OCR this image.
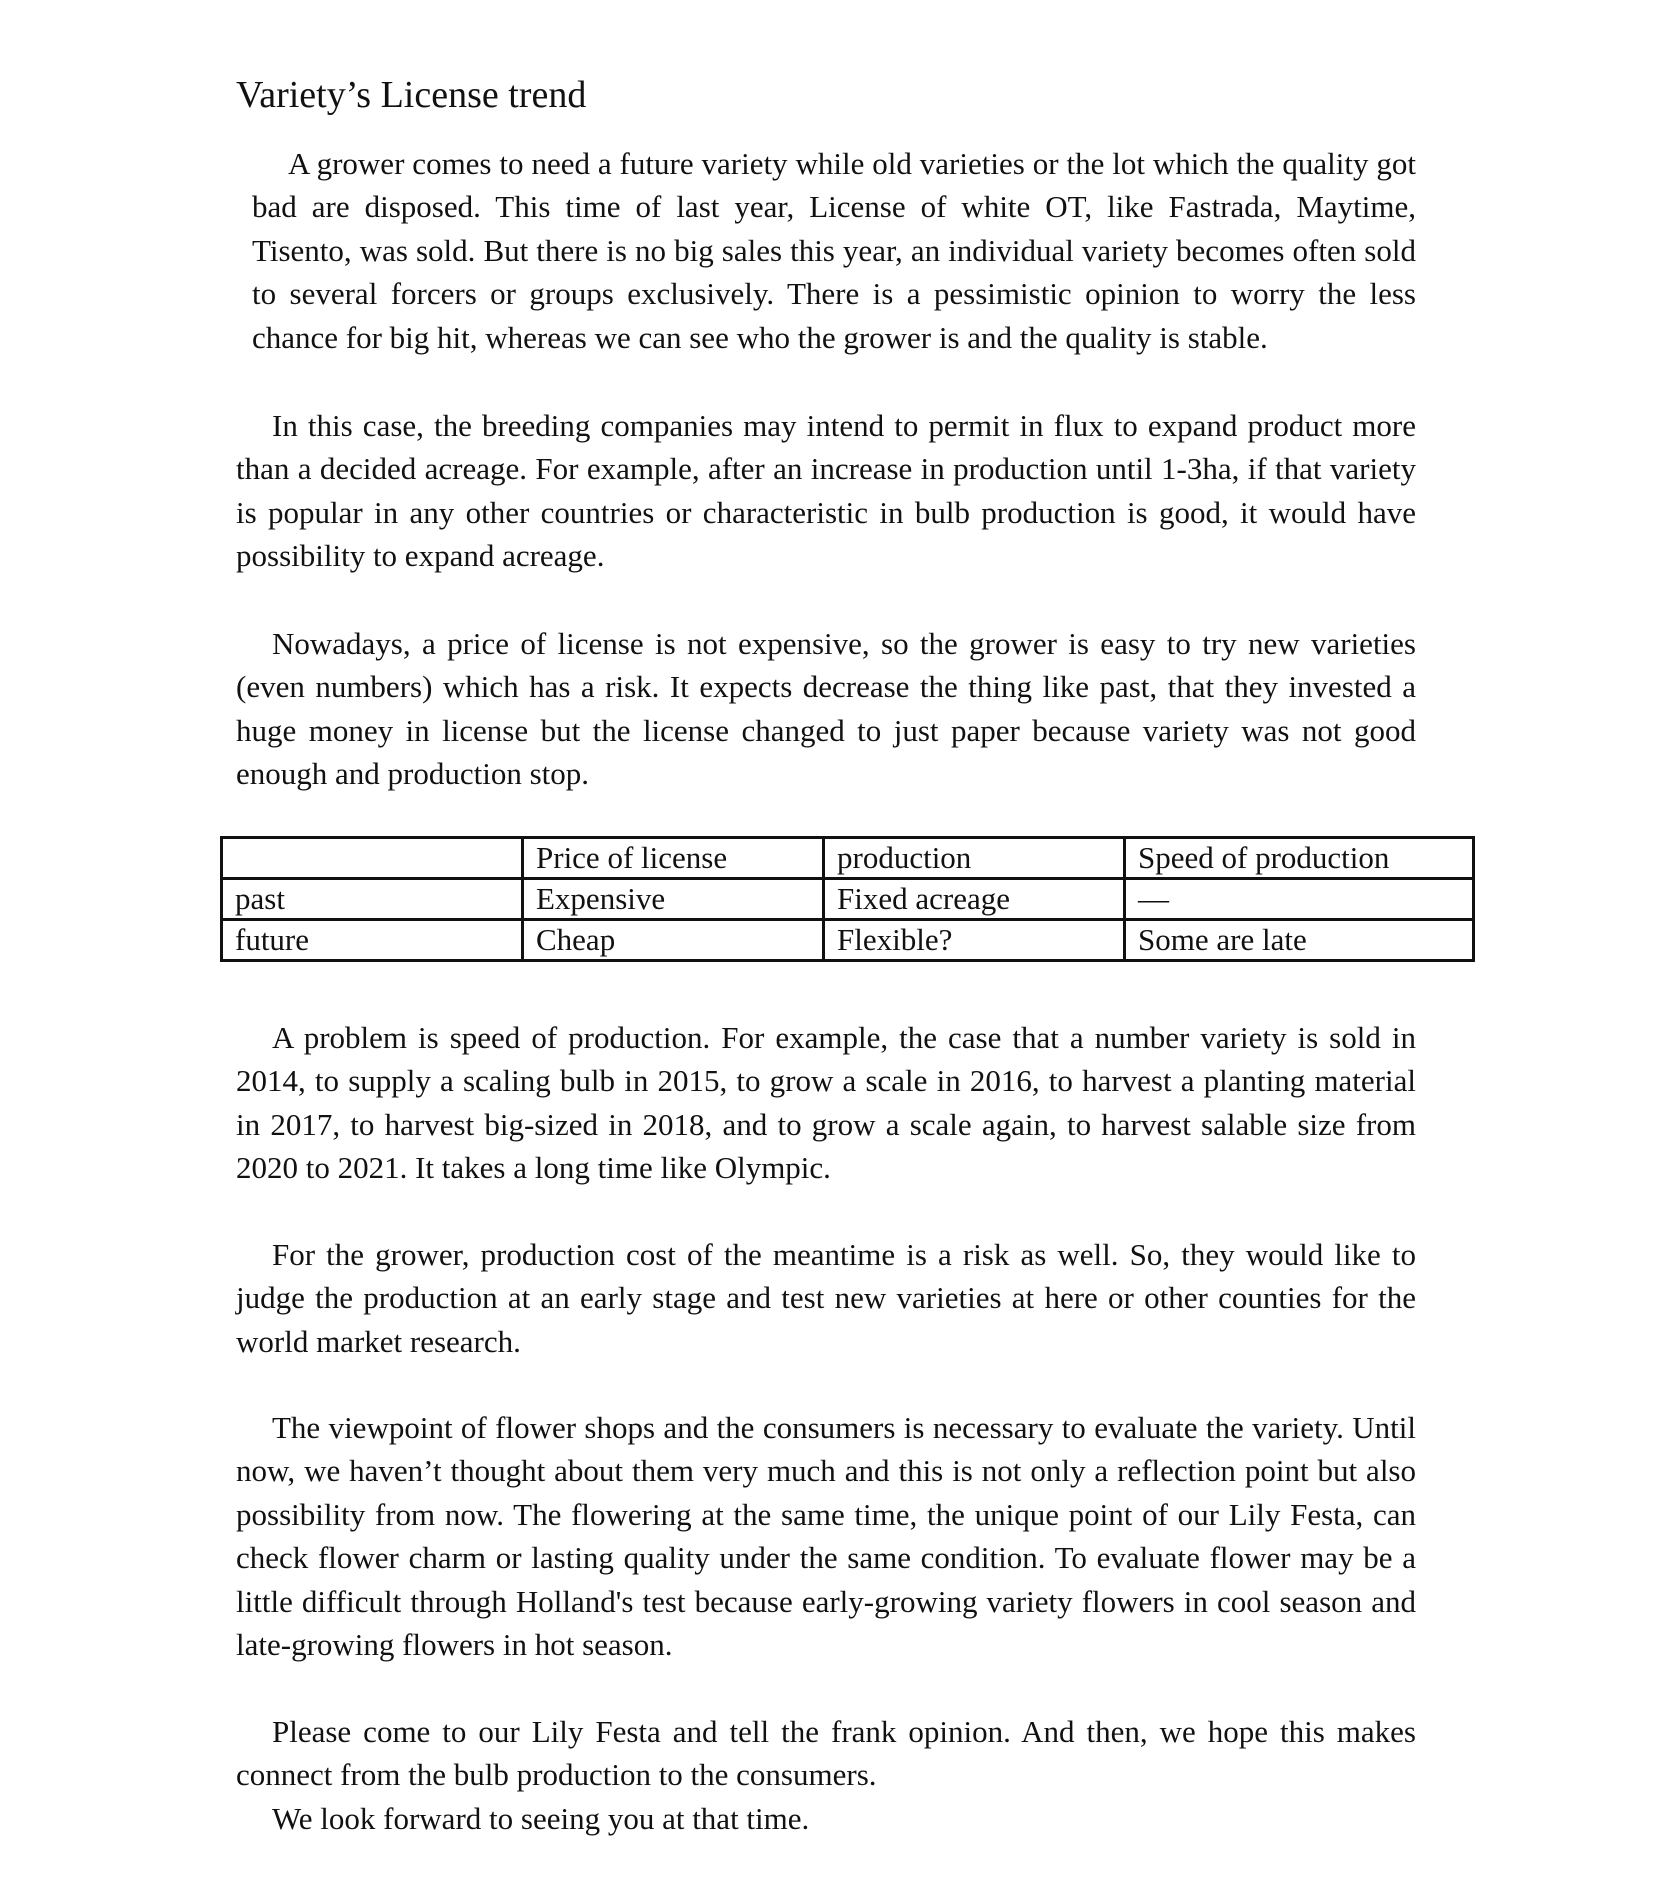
Variety’s License trend

A grower comes to need a future variety while old varieties or the lot which the quality got bad are disposed. This time of last year, License of white OT, like Fastrada, Maytime, Tisento, was sold. But there is no big sales this year, an individual variety becomes often sold to several forcers or groups exclusively. There is a pessimistic opinion to worry the less chance for big hit, whereas we can see who the grower is and the quality is stable.

In this case, the breeding companies may intend to permit in flux to expand product more than a decided acreage. For example, after an increase in production until 1-3ha, if that variety is popular in any other countries or characteristic in bulb production is good, it would have possibility to expand acreage.

Nowadays, a price of license is not expensive, so the grower is easy to try new varieties (even numbers) which has a risk. It expects decrease the thing like past, that they invested a huge money in license but the license changed to just paper because variety was not good enough and production stop.

	Price of license	production	Speed of production
past	Expensive	Fixed acreage	—
future	Cheap	Flexible?	Some are late

A problem is speed of production. For example, the case that a number variety is sold in 2014, to supply a scaling bulb in 2015, to grow a scale in 2016, to harvest a planting material in 2017, to harvest big-sized in 2018, and to grow a scale again, to harvest salable size from 2020 to 2021. It takes a long time like Olympic.

For the grower, production cost of the meantime is a risk as well. So, they would like to judge the production at an early stage and test new varieties at here or other counties for the world market research.

The viewpoint of flower shops and the consumers is necessary to evaluate the variety. Until now, we haven’t thought about them very much and this is not only a reflection point but also possibility from now. The flowering at the same time, the unique point of our Lily Festa, can check flower charm or lasting quality under the same condition. To evaluate flower may be a little difficult through Holland's test because early-growing variety flowers in cool season and late-growing flowers in hot season.

Please come to our Lily Festa and tell the frank opinion. And then, we hope this makes connect from the bulb production to the consumers.

We look forward to seeing you at that time.
